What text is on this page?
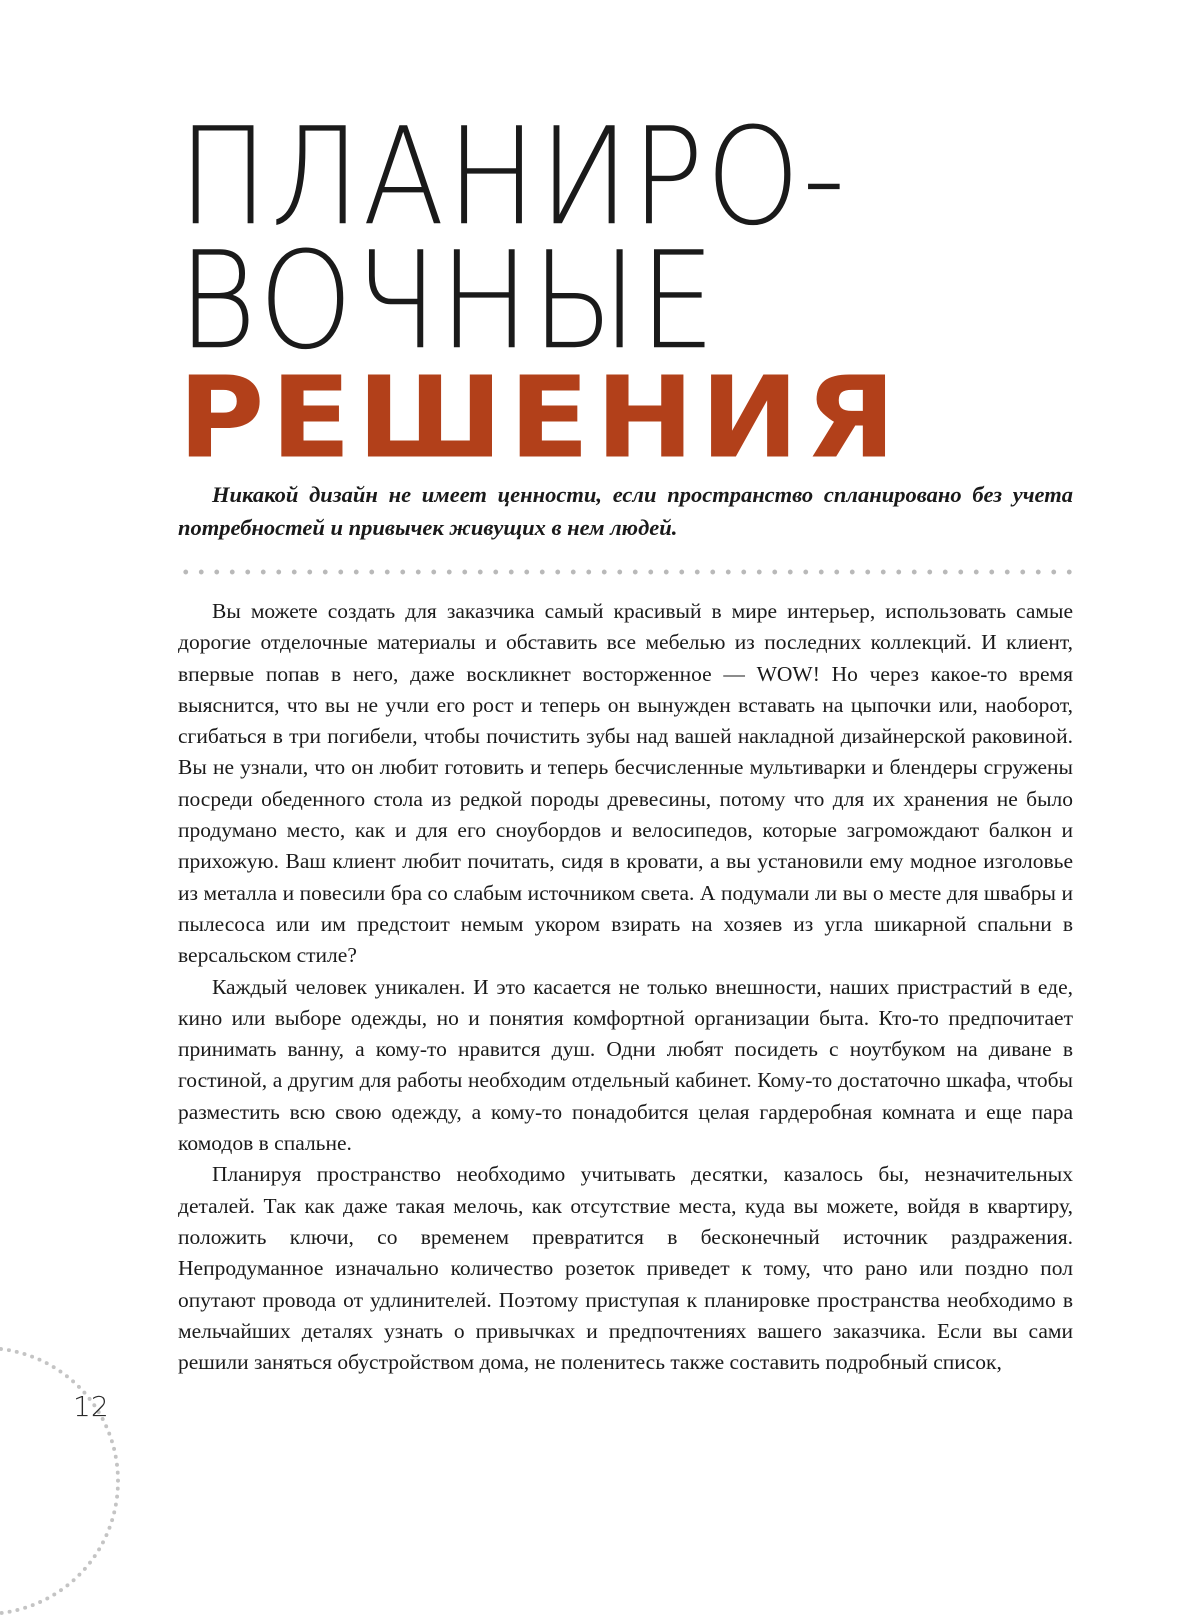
ПЛАНИРО-
ВОЧНЫЕ
РЕШЕНИЯ

Никакой дизайн не имеет ценности, если пространство спланировано без учета потребностей и привычек живущих в нем людей.

Вы можете создать для заказчика самый красивый в мире интерьер, использовать самые дорогие отделочные материалы и обставить все мебелью из последних коллекций. И клиент, впервые попав в него, даже воскликнет восторженное — WOW! Но через какое-то время выяснится, что вы не учли его рост и теперь он вынужден вставать на цыпочки или, наоборот, сгибаться в три погибели, чтобы почистить зубы над вашей накладной дизайнерской раковиной. Вы не узнали, что он любит готовить и теперь бесчисленные мультиварки и блендеры сгружены посреди обеденного стола из редкой породы древесины, потому что для их хранения не было продумано место, как и для его сноубордов и велосипедов, которые загромождают балкон и прихожую. Ваш клиент любит почитать, сидя в кровати, а вы установили ему модное изголовье из металла и повесили бра со слабым источником света. А подумали ли вы о месте для швабры и пылесоса или им предстоит немым укором взирать на хозяев из угла шикарной спальни в версальском стиле?

Каждый человек уникален. И это касается не только внешности, наших пристрастий в еде, кино или выборе одежды, но и понятия комфортной организации быта. Кто-то предпочитает принимать ванну, а кому-то нравится душ. Одни любят посидеть с ноутбуком на диване в гостиной, а другим для работы необходим отдельный кабинет. Кому-то достаточно шкафа, чтобы разместить всю свою одежду, а кому-то понадобится целая гардеробная комната и еще пара комодов в спальне.

Планируя пространство необходимо учитывать десятки, казалось бы, незначительных деталей. Так как даже такая мелочь, как отсутствие места, куда вы можете, войдя в квартиру, положить ключи, со временем превратится в бесконечный источник раздражения. Непродуманное изначально количество розеток приведет к тому, что рано или поздно пол опутают провода от удлинителей. Поэтому приступая к планировке пространства необходимо в мельчайших деталях узнать о привычках и предпочтениях вашего заказчика. Если вы сами решили заняться обустройством дома, не поленитесь также составить подробный список,

12
